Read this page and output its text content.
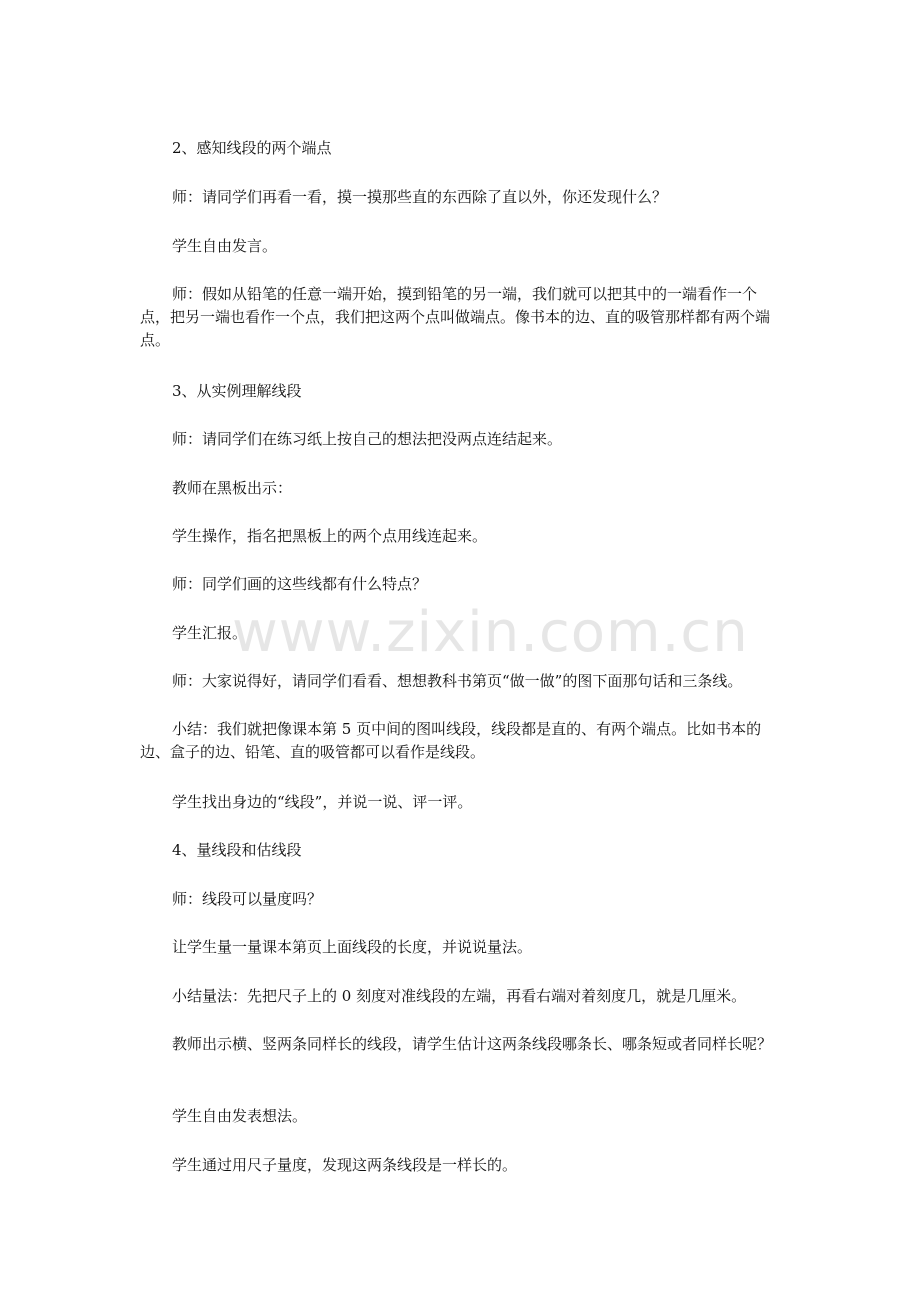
2、感知线段的两个端点

师：请同学们再看一看，摸一摸那些直的东西除了直以外，你还发现什么？

学生自由发言。

师：假如从铅笔的任意一端开始，摸到铅笔的另一端，我们就可以把其中的一端看作一个点，把另一端也看作一个点，我们把这两个点叫做端点。像书本的边、直的吸管那样都有两个端点。

3、从实例理解线段

师：请同学们在练习纸上按自己的想法把没两点连结起来。

教师在黑板出示：

学生操作，指名把黑板上的两个点用线连起来。

师：同学们画的这些线都有什么特点？

学生汇报。

师：大家说得好，请同学们看看、想想教科书第页“做一做”的图下面那句话和三条线。

小结：我们就把像课本第 5 页中间的图叫线段，线段都是直的、有两个端点。比如书本的边、盒子的边、铅笔、直的吸管都可以看作是线段。

学生找出身边的“线段”，并说一说、评一评。

4、量线段和估线段

师：线段可以量度吗？

让学生量一量课本第页上面线段的长度，并说说量法。

小结量法：先把尺子上的 0 刻度对准线段的左端，再看右端对着刻度几，就是几厘米。

教师出示横、竖两条同样长的线段，请学生估计这两条线段哪条长、哪条短或者同样长呢？

学生自由发表想法。

学生通过用尺子量度，发现这两条线段是一样长的。

www.zixin.com.cn
